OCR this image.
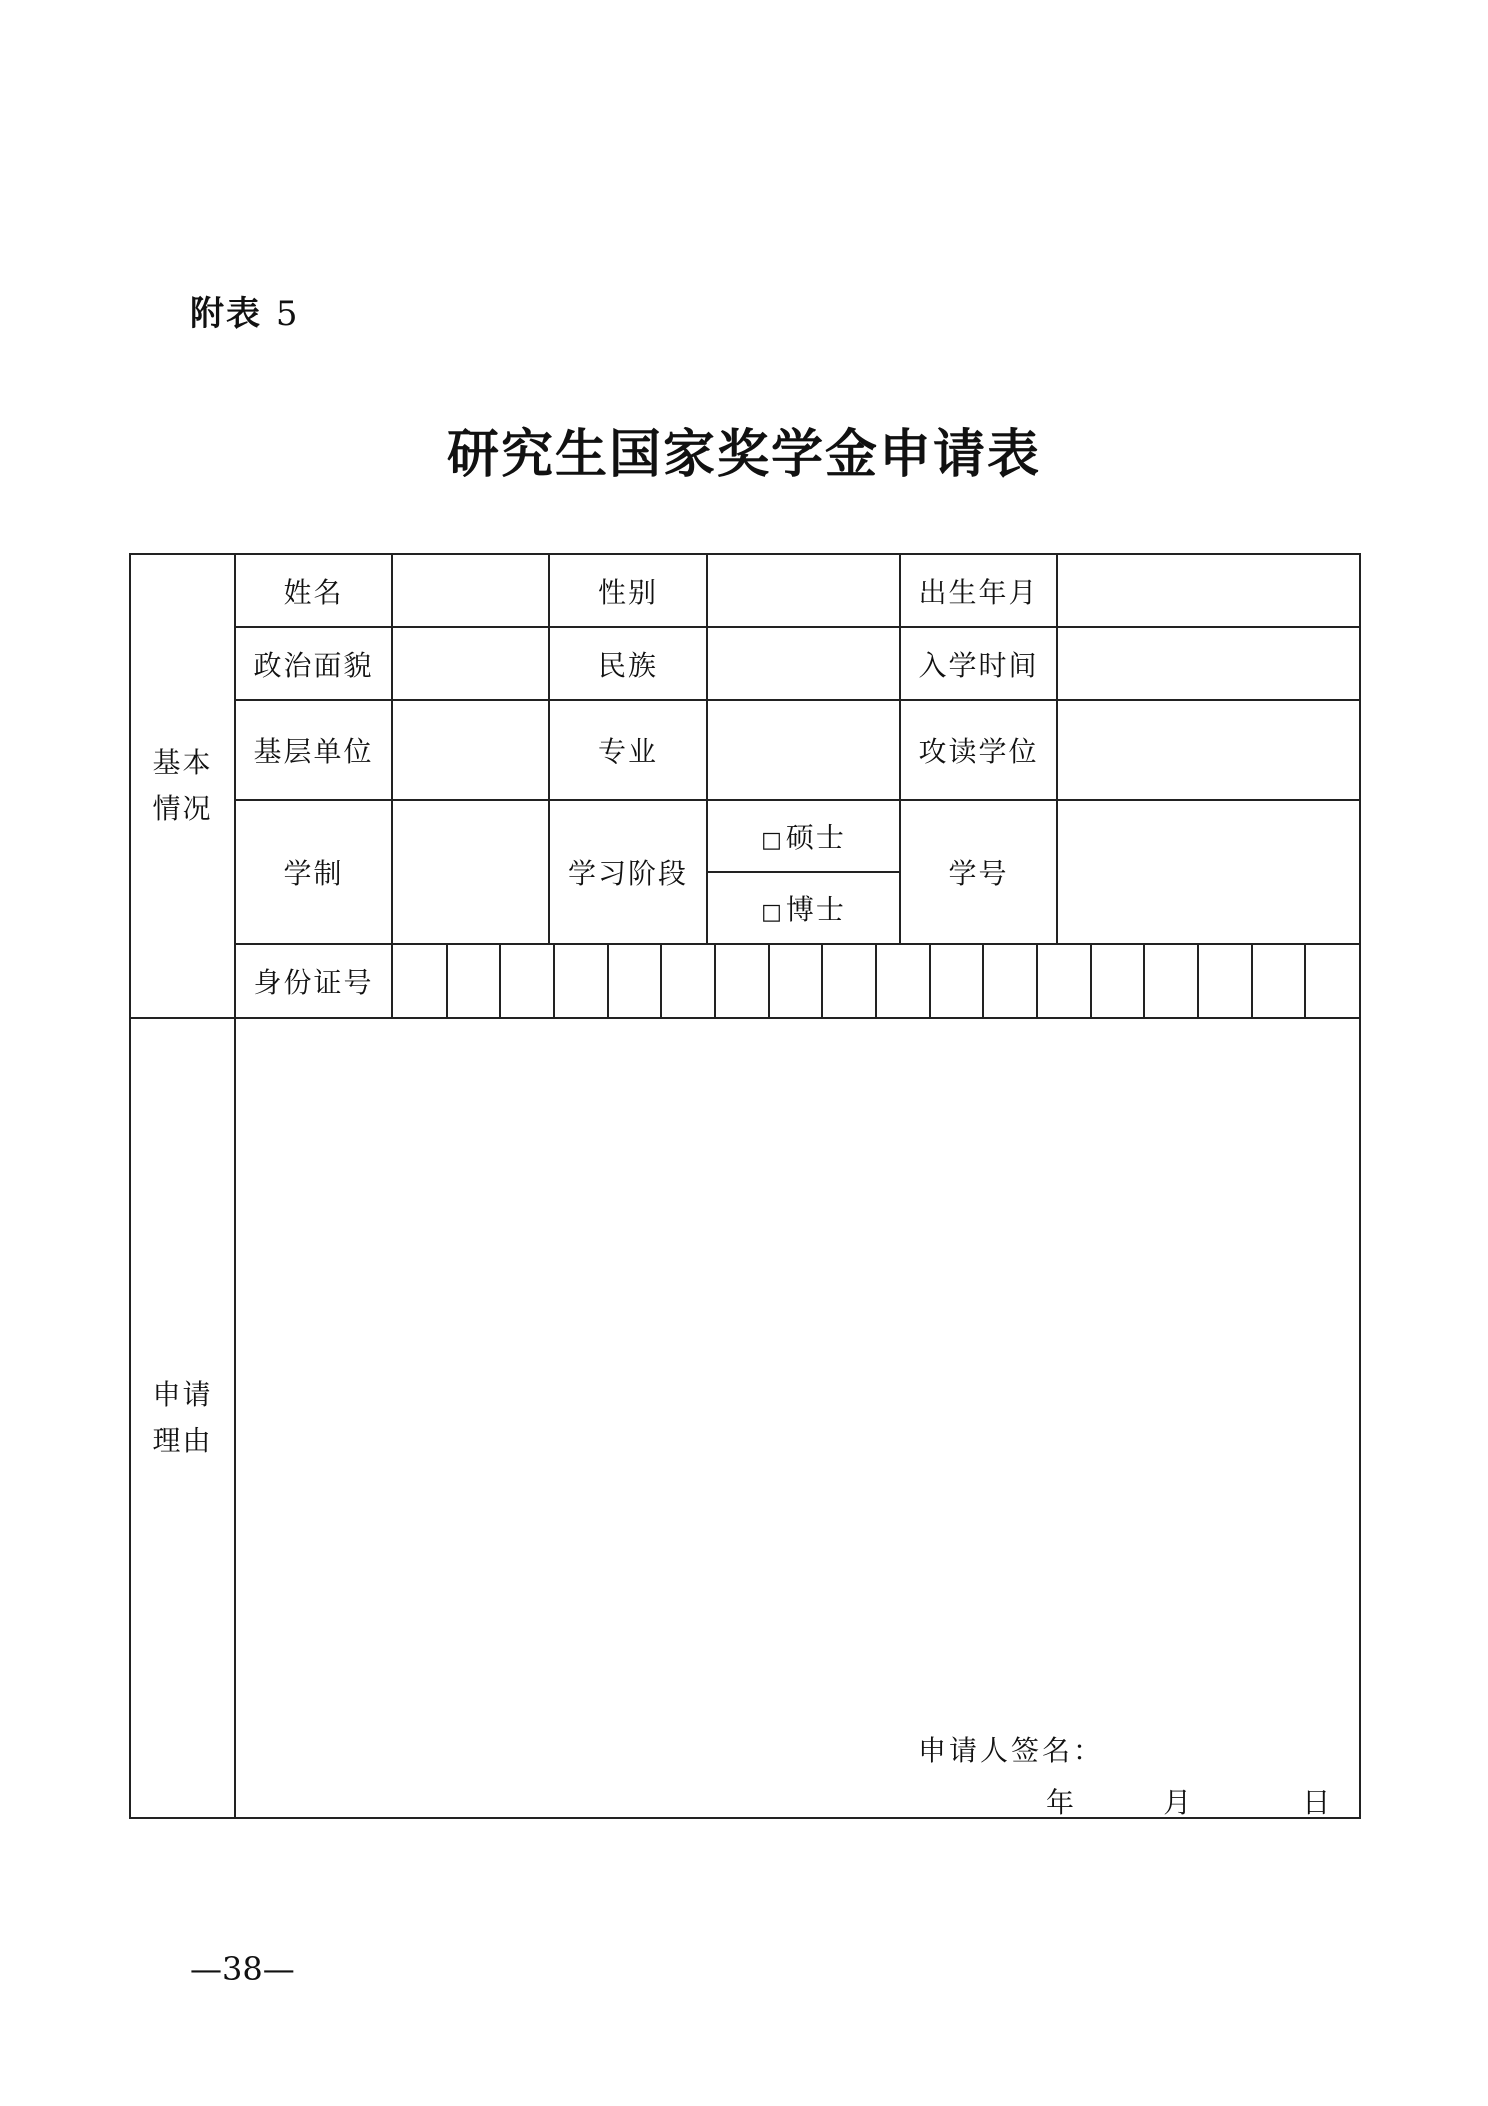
附表 5
研究生国家奖学金申请表
基本
情况	姓名		性别		出生年月	
政治面貌		民族		入学时间	
基层单位		专业		攻读学位	
学制		学习阶段	□硕士	学号	
□博士
身份证号	

申请
理由	
申请人签名：
年	月	日
—38—
